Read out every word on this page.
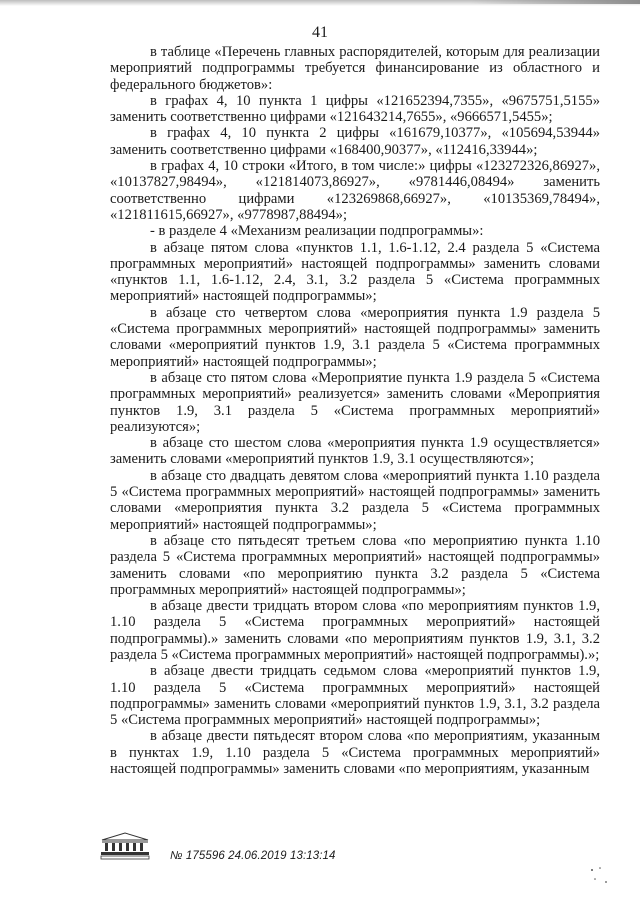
41

в таблице «Перечень главных распорядителей, которым для реализации мероприятий подпрограммы требуется финансирование из областного и федерального бюджетов»:

в графах 4, 10 пункта 1 цифры «121652394,7355», «9675751,5155» заменить соответственно цифрами «121643214,7655», «9666571,5455»;

в графах 4, 10 пункта 2 цифры «161679,10377», «105694,53944» заменить соответственно цифрами «168400,90377», «112416,33944»;

в графах 4, 10 строки «Итого, в том числе:» цифры «123272326,86927», «10137827,98494», «121814073,86927», «9781446,08494» заменить соответственно цифрами «123269868,66927», «10135369,78494», «121811615,66927», «9778987,88494»;

- в разделе 4 «Механизм реализации подпрограммы»:

в абзаце пятом слова «пунктов 1.1, 1.6-1.12, 2.4 раздела 5 «Система программных мероприятий» настоящей подпрограммы» заменить словами «пунктов 1.1, 1.6-1.12, 2.4, 3.1, 3.2 раздела 5 «Система программных мероприятий» настоящей подпрограммы»;

в абзаце сто четвертом слова «мероприятия пункта 1.9 раздела 5 «Система программных мероприятий» настоящей подпрограммы» заменить словами «мероприятий пунктов 1.9, 3.1 раздела 5 «Система программных мероприятий» настоящей подпрограммы»;

в абзаце сто пятом слова «Мероприятие пункта 1.9 раздела 5 «Система программных мероприятий» реализуется» заменить словами «Мероприятия пунктов 1.9, 3.1 раздела 5 «Система программных мероприятий» реализуются»;

в абзаце сто шестом слова «мероприятия пункта 1.9 осуществляется» заменить словами «мероприятий пунктов 1.9, 3.1 осуществляются»;

в абзаце сто двадцать девятом слова «мероприятий пункта 1.10 раздела 5 «Система программных мероприятий» настоящей подпрограммы» заменить словами «мероприятия пункта 3.2 раздела 5 «Система программных мероприятий» настоящей подпрограммы»;

в абзаце сто пятьдесят третьем слова «по мероприятию пункта 1.10 раздела 5 «Система программных мероприятий» настоящей подпрограммы» заменить словами «по мероприятию пункта 3.2 раздела 5 «Система программных мероприятий» настоящей подпрограммы»;

в абзаце двести тридцать втором слова «по мероприятиям пунктов 1.9, 1.10 раздела 5 «Система программных мероприятий» настоящей подпрограммы).» заменить словами «по мероприятиям пунктов 1.9, 3.1, 3.2 раздела 5 «Система программных мероприятий» настоящей подпрограммы).»;

в абзаце двести тридцать седьмом слова «мероприятий пунктов 1.9, 1.10 раздела 5 «Система программных мероприятий» настоящей подпрограммы» заменить словами «мероприятий пунктов 1.9, 3.1, 3.2 раздела 5 «Система программных мероприятий» настоящей подпрограммы»;

в абзаце двести пятьдесят втором слова «по мероприятиям, указанным в пунктах 1.9, 1.10 раздела 5 «Система программных мероприятий» настоящей подпрограммы» заменить словами «по мероприятиям, указанным

№ 175596 24.06.2019 13:13:14
